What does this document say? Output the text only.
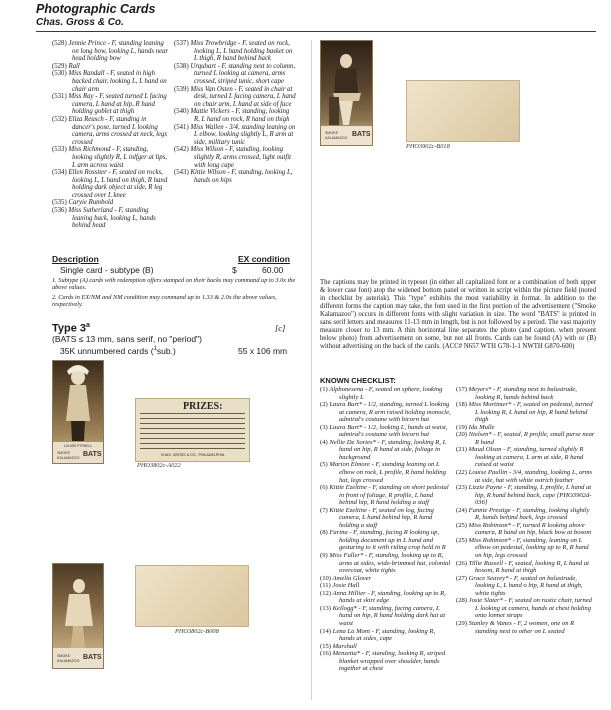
Photographic Cards
Chas. Gross & Co.

(528) Jennie Prince - F, standing leaning on long bow, looking L, hands near head holding bow

(529) Rall

(530) Miss Randall - F, seated in high backed chair, looking L, L hand on chair arm

(531) Miss Ray - F, seated turned L facing camera, L hand at hip, R hand holding goblet at thigh

(532) Eliza Reusch - F, standing in dancer's pose, turned L looking camera, arms crossed at neck, legs crossed

(533) Miss Richmond - F, standing, looking slightly R, L inlfger at lips, L arm across waist

(534) Ellen Rossiter - F, seated on rocks, looking L, L hand on thigh, R hand holding dark object at side, R leg crossed over L knee

(535) Caryie Rumbold

(536) Miss Sutherland - F, standing leaning back, looking L, hands behind head

(537) Miss Trowbridge - F, seated on rock, looking L, L hand holding basket on L thigh, R hand behind back

(538) Urquhart - F, standing next to column, turned L looking at camera, arms crossed, striped tunic, short cape

(539) Miss Van Osten - F, seated in chair at desk, turned L facing camera, L hand on chair arm, L hand at side of face

(540) Mattie Vickers - F, standing, looking R, L hand on rock, R hand on thigh

(541) Miss Wallen - 3/4, standing leaning on L elbow, looking slightly L, R arm at side, military tunic

(542) Miss Wilson - F, standing, looking slightly R, arms crossed, light outfit with long cape

(543) Kittie Wilson - F, standing, looking L, hands on hips

Description	EX condition
Single card - subtype (B)	$	60.00
1. Subtype (A) cards with redemption offers stamped on their backs may command up to 3.0x the above values.
2. Cards in EX/NM and NM condition may command up to 1.33 & 2.0x the above values, respectively.
Type 3$^a$	[c]
(BATS ≤ 13 mm, sans serif, no "period")
35K unnumbered cards ($^1$sub.)	55 x 106 mm
LOUISE P?RNELL
SMOKE
KALAMAZOO BATS
PRIZES:
CHAS. GROSS & CO., PHILADELPHIA
PHO3802c-A022
SMOKE
KALAMAZOO BATS
PHO3802c-B008
SMOKE
KALAMAZOO BATS
PHO3902c-B018

The captions may be printed in typeset (in either all capitalized font or a combination of both upper & lower case font) atop the widened bottom panel or written in script within the picture field (noted in checklist by asterisk). This "type" exhibits the most variability in format. In addition to the different forms the caption may take, the font used in the first portion of the advertisement ("Smoke Kalamazoo") occurs in different fonts with slight variation in size. The word "BATS" is printed in sans serif letters and measures 11-13 mm in length, but is not followed by a period. The vast majority measure closer to 13 mm. A thin horizontal line separates the photo (and caption, when present below photo) from advertisement on some, but not all fronts. Cards can be found (A) with or (B) without advertising on the back of the cards. (ACC# N657 WTH G78-1-1 NWTH G870-600)

KNOWN CHECKLIST:

(1) Alphonesena - F, seated on sphere, looking slightly L

(2) Laura Burt* - 1/2, standing, turned L looking at camera, R arm raised holding monocle, admiral's costume with bicorn hat

(3) Laura Burt* - 1/2, looking L, hands at waist, admiral's costume with bicorn hat

(4) Nellie De Sortes* - F, standing, looking R, L hand on hip, R hand at side, foliage in background

(5) Marion Elmore - F, standing leaning on L elbow on rock, L profile, R hand holding hat, legs crossed

(6) Kittie Ezeltine - F, standing on short pedestal in front of foliage, R profile, L hand behind hip, R hand holding a staff

(7) Kittie Ezeltine - F, seated on log, facing camera, L hand behind hip, R hand holding a staff

(8) Farina - F, standing, facing R looking up, holding document up in L hand and gesturing to it with riding crop held in R

(9) Miss Fuller* - F, standing, looking up to R, arms at sides, wide-brimmed hat, colonial overcoat, white tights

(10) Amelia Glover

(11) Josie Hall

(12) Anna Hillier - F, standing, looking up to R, hands at skirt edge

(13) Kellogg* - F, standing, facing camera, L hand on hip, R hand holding dark hat at waist

(14) Lena La Mont - F, standing, looking R, hands at sides, cape

(15) Marshall

(16) Menzetta* - F, standing, looking R, striped blanket wrapped over shoulder, hands together at chest

(17) Meyers* - F, standing next to balustrade, looking R, hands behind back

(18) Miss Mortimer* - F, seated on pedestal, turned L looking R, L hand on hip, R hand behind thigh

(19) Ida Mulle

(20) Nielsen* - F, seated, R profile, small purse near R hand

(21) Maud Olson - F, standing, turned slightly R looking at camera, L arm at side, R hand raised at waist

(22) Louise Paullin - 3/4, standing, looking L, arms at side, hat with white ostrich feather

(23) Lizzie Payne - F, standing, L profile, L hand at hip, R hand behind back, cape [PHO3902d-036]

(24) Fannie Prestige - F, standing, looking slightly R, hands behind back, legs crossed

(25) Miss Robinson* - F, turned R looking above camera, R hand on hip, black bow at bosom

(25) Miss Robinson* - F, standing, leaning on L elbow on pedestal, looking up to R, R hand on hip, legs crossed

(26) Tillie Russell - F, seated, looking R, L hand at bosom, R hand at thigh

(27) Grace Seavey* - F, seated on balustrade, looking L, L hand o hip, R hand at thigh, white tights

(28) Josie Slater* - F, seated on rustic chair, turned L looking at camera, hands at chest holding onto lonnet straps

(29) Stanley & Vanes - F, 2 women, one on R standing next to other on L seated
